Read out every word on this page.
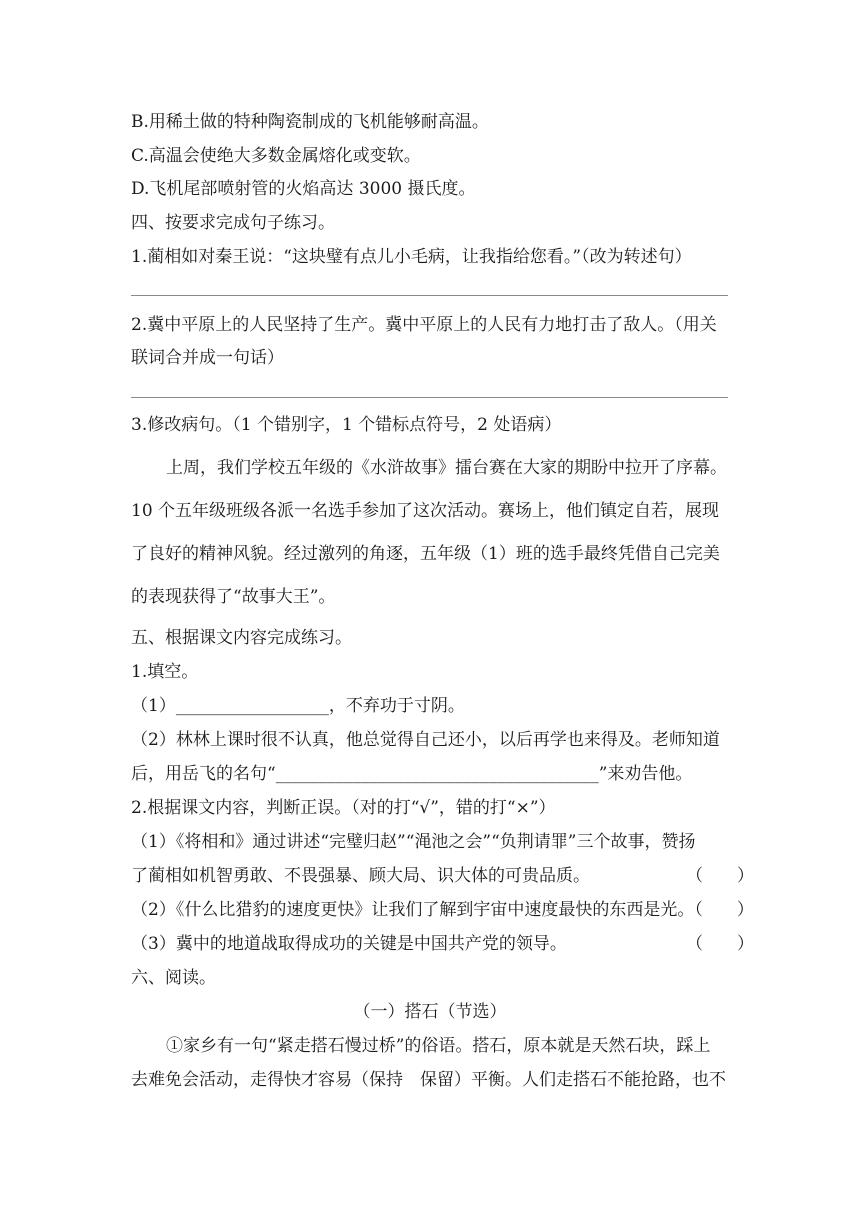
B.用稀土做的特种陶瓷制成的飞机能够耐高温。
C.高温会使绝大多数金属熔化或变软。
D.飞机尾部喷射管的火焰高达 3000 摄氏度。
四、按要求完成句子练习。
1.蔺相如对秦王说：“这块璧有点儿小毛病，让我指给您看。”（改为转述句）
2.冀中平原上的人民坚持了生产。冀中平原上的人民有力地打击了敌人。（用关
联词合并成一句话）
3.修改病句。（1 个错别字，1 个错标点符号，2 处语病）
上周，我们学校五年级的《水浒故事》擂台赛在大家的期盼中拉开了序幕。
10 个五年级班级各派一名选手参加了这次活动。赛场上，他们镇定自若，展现
了良好的精神风貌。经过激列的角逐，五年级（1）班的选手最终凭借自己完美
的表现获得了“故事大王”。
五、根据课文内容完成练习。
1.填空。
（1）__________________，不弃功于寸阴。
（2）林林上课时很不认真，他总觉得自己还小，以后再学也来得及。老师知道
后，用岳飞的名句“______________________________________”来劝告他。
2.根据课文内容，判断正误。（对的打“√”，错的打“×”）
（1）《将相和》通过讲述“完璧归赵”“渑池之会”“负荆请罪”三个故事，赞扬
了蔺相如机智勇敢、不畏强暴、顾大局、识大体的可贵品质。	（　　）
（2）《什么比猎豹的速度更快》让我们了解到宇宙中速度最快的东西是光。（　　）
（3）冀中的地道战取得成功的关键是中国共产党的领导。	（　　）
六、阅读。
（一）搭石（节选）
①家乡有一句“紧走搭石慢过桥”的俗语。搭石，原本就是天然石块，踩上
去难免会活动，走得快才容易（保持　保留）平衡。人们走搭石不能抢路，也不
